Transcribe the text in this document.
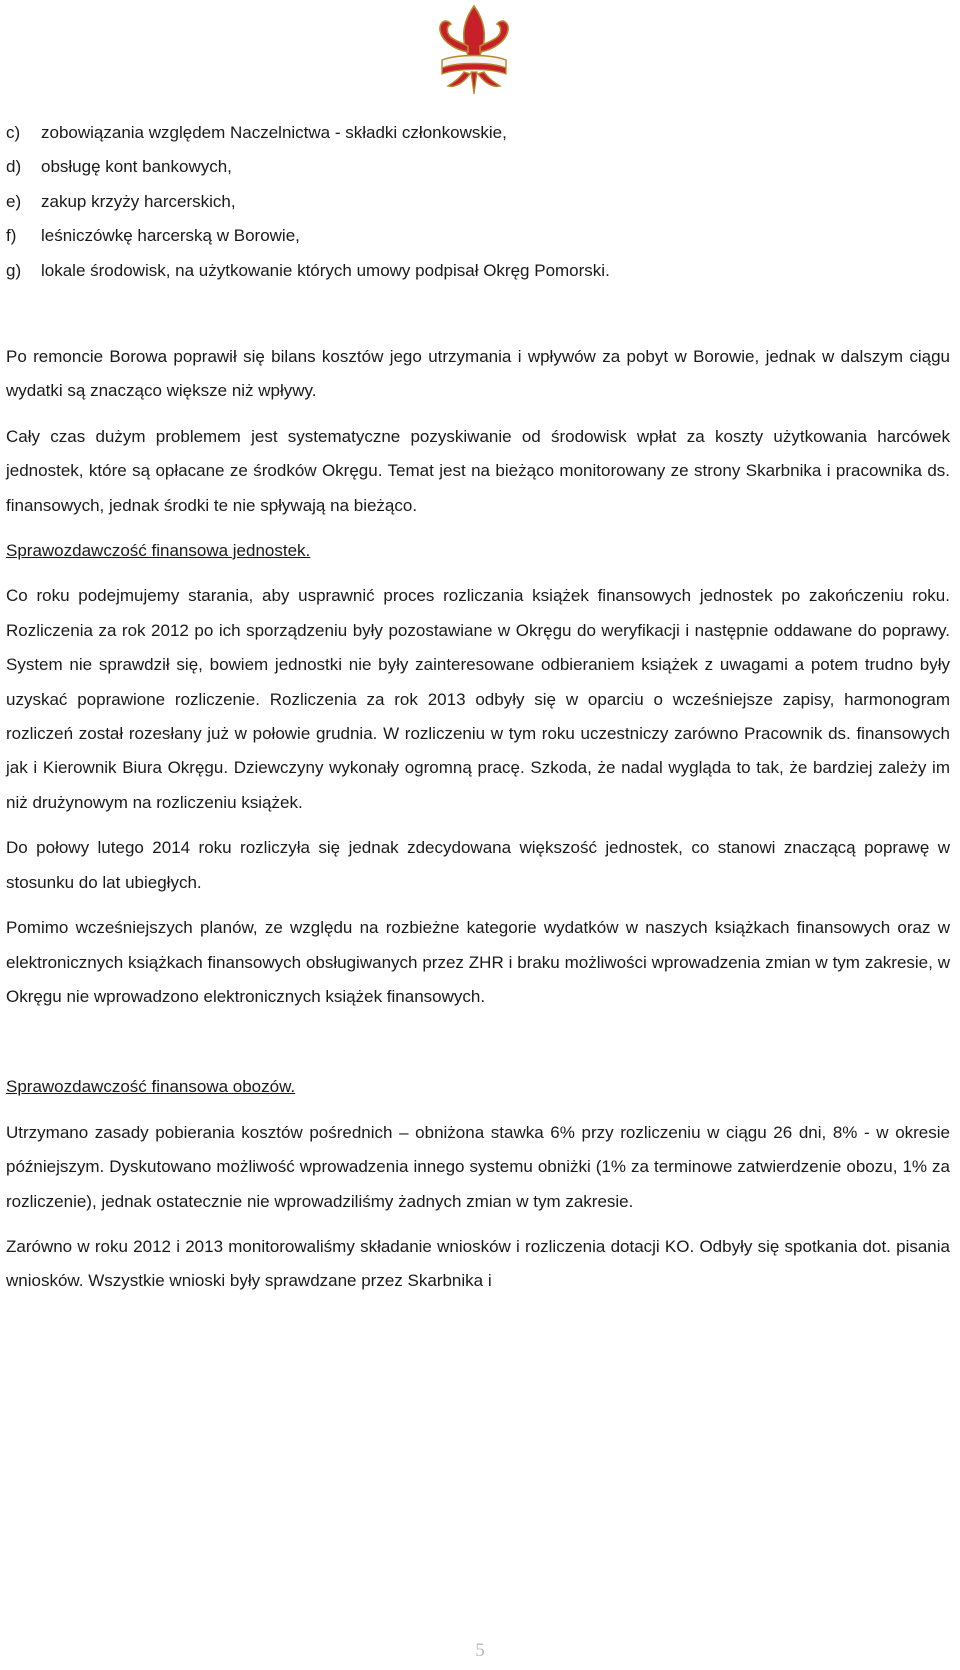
c)	zobowiązania względem Naczelnictwa - składki członkowskie,
d)	obsługę kont bankowych,
e)	zakup krzyży harcerskich,
f)	leśniczówkę harcerską w Borowie,
g)	lokale środowisk, na użytkowanie których umowy podpisał Okręg Pomorski.

Po remoncie Borowa poprawił się bilans kosztów jego utrzymania i wpływów za pobyt w Borowie, jednak w dalszym ciągu wydatki są znacząco większe niż wpływy.

Cały czas dużym problemem jest systematyczne pozyskiwanie od środowisk wpłat za koszty użytkowania harcówek jednostek, które są opłacane ze środków Okręgu. Temat jest na bieżąco monitorowany ze strony Skarbnika i pracownika ds. finansowych, jednak środki te nie spływają na bieżąco.

Sprawozdawczość finansowa jednostek.

Co roku podejmujemy starania, aby usprawnić proces rozliczania książek finansowych jednostek po zakończeniu roku. Rozliczenia za rok 2012 po ich sporządzeniu były pozostawiane w Okręgu do weryfikacji i następnie oddawane do poprawy. System nie sprawdził się, bowiem jednostki nie były zainteresowane odbieraniem książek z uwagami a potem trudno były uzyskać poprawione rozliczenie. Rozliczenia za rok 2013 odbyły się w oparciu o wcześniejsze zapisy, harmonogram rozliczeń został rozesłany już w połowie grudnia. W rozliczeniu w tym roku uczestniczy zarówno Pracownik ds. finansowych jak i Kierownik Biura Okręgu. Dziewczyny wykonały ogromną pracę. Szkoda, że nadal wygląda to tak, że bardziej zależy im niż drużynowym na rozliczeniu książek.

Do połowy lutego 2014 roku rozliczyła się jednak zdecydowana większość jednostek, co stanowi znaczącą poprawę w stosunku do lat ubiegłych.

Pomimo wcześniejszych planów, ze względu na rozbieżne kategorie wydatków w naszych książkach finansowych oraz w elektronicznych książkach finansowych obsługiwanych przez ZHR i braku możliwości wprowadzenia zmian w tym zakresie, w Okręgu nie wprowadzono elektronicznych książek finansowych.

Sprawozdawczość finansowa obozów.

Utrzymano zasady pobierania kosztów pośrednich – obniżona stawka 6% przy rozliczeniu w ciągu 26 dni, 8% - w okresie późniejszym. Dyskutowano możliwość wprowadzenia innego systemu obniżki (1% za terminowe zatwierdzenie obozu, 1% za rozliczenie), jednak ostatecznie nie wprowadziliśmy żadnych zmian w tym zakresie.

Zarówno w roku 2012 i 2013 monitorowaliśmy składanie wniosków i rozliczenia dotacji KO. Odbyły się spotkania dot. pisania wniosków. Wszystkie wnioski były sprawdzane przez Skarbnika i

5
